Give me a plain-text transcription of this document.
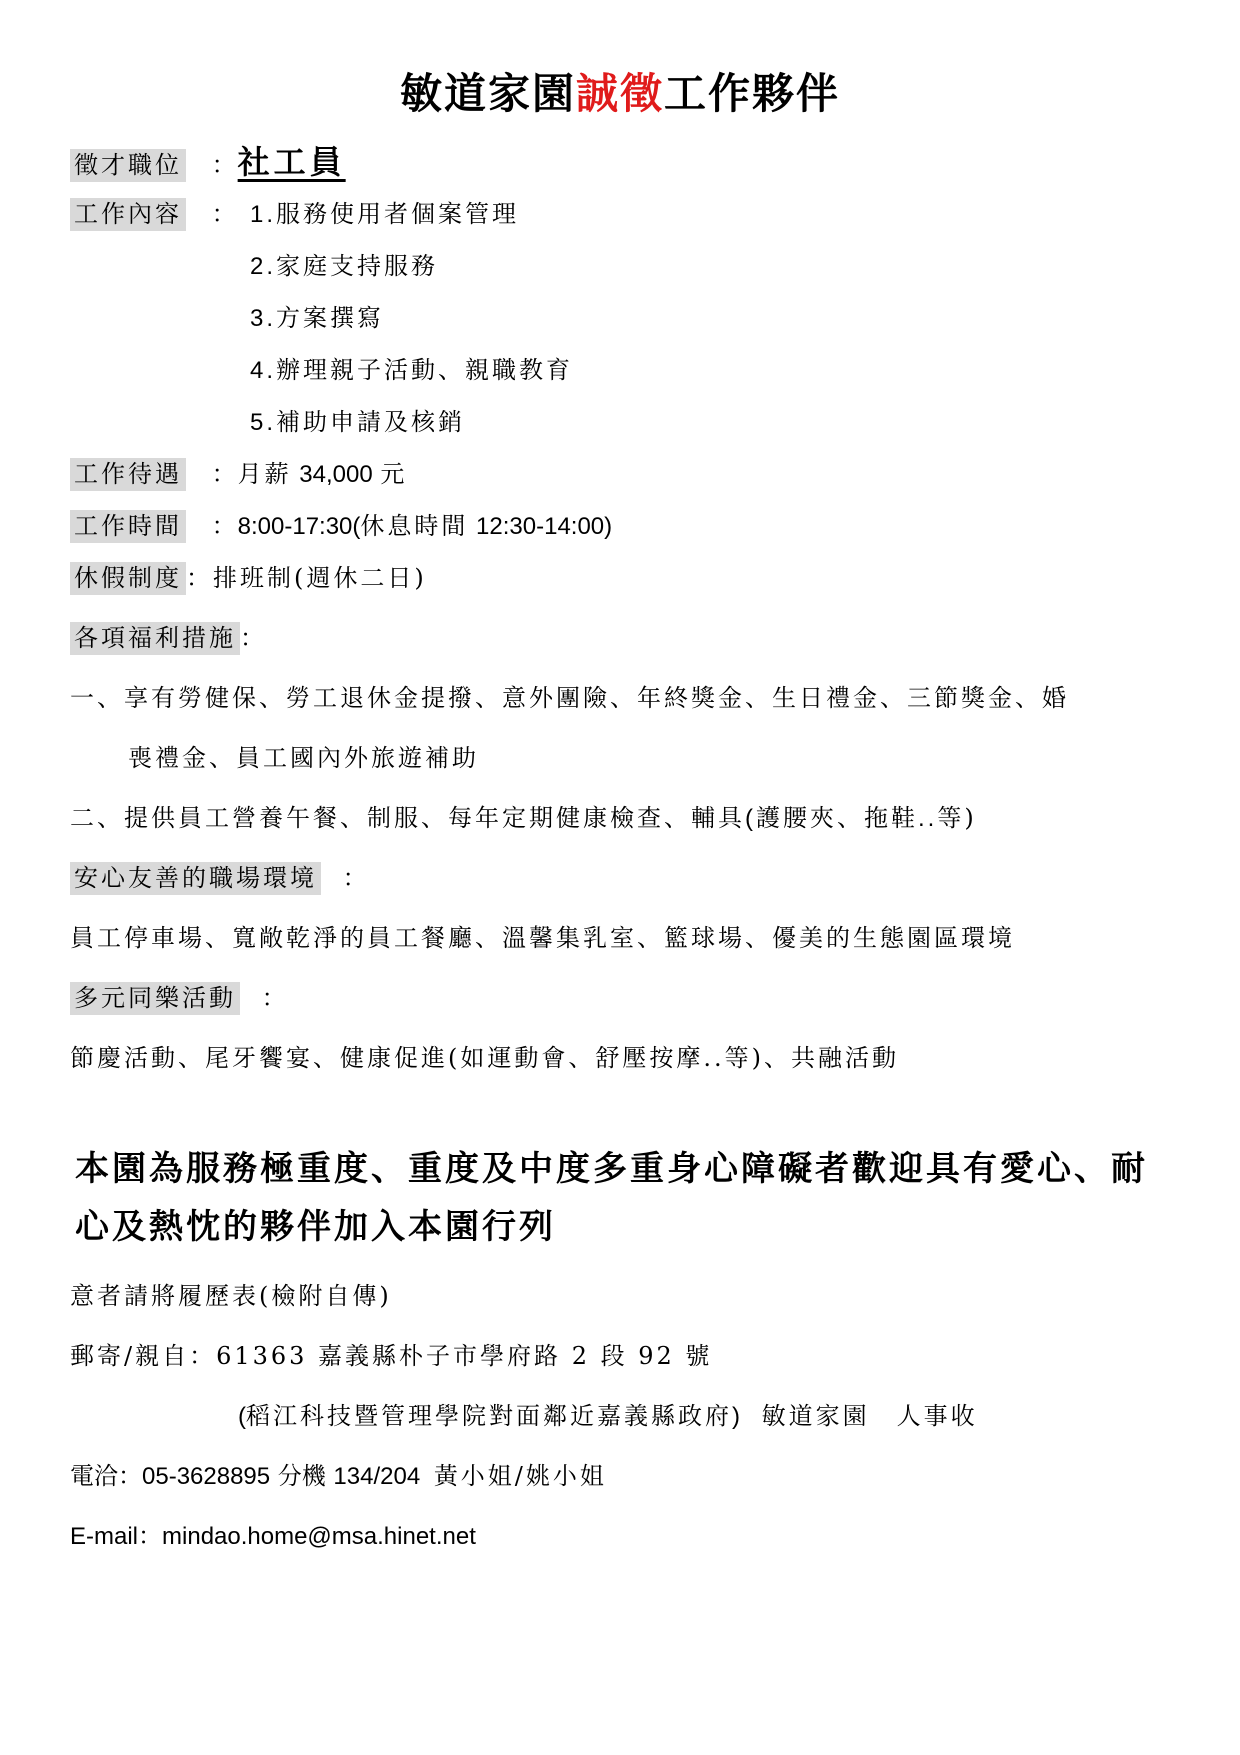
敏道家園誠徵工作夥伴
徵才職位 ：社工員
工作內容 ： 1.服務使用者個案管理
2.家庭支持服務
3.方案撰寫
4.辦理親子活動、親職教育
5.補助申請及核銷
工作待遇 ：月薪 34,000 元
工作時間 ：8:00-17:30(休息時間 12:30-14:00)
休假制度 ：排班制(週休二日)
各項福利措施 ：
一、享有勞健保、勞工退休金提撥、意外團險、年終獎金、生日禮金、三節獎金、婚
喪禮金、員工國內外旅遊補助
二、提供員工營養午餐、制服、每年定期健康檢查、輔具(護腰夾、拖鞋..等)
安心友善的職場環境 ：
員工停車場、寬敞乾淨的員工餐廳、溫馨集乳室、籃球場、優美的生態園區環境
多元同樂活動 ：
節慶活動、尾牙饗宴、健康促進(如運動會、舒壓按摩..等)、共融活動
本園為服務極重度、重度及中度多重身心障礙者歡迎具有愛心、耐心及熱忱的夥伴加入本園行列
意者請將履歷表(檢附自傳)
郵寄/親自：61363 嘉義縣朴子市學府路 2 段 92 號
(稻江科技暨管理學院對面鄰近嘉義縣政府) 敏道家園　人事收
電洽：05-3628895 分機 134/204 黃小姐/姚小姐
E-mail：mindao.home@msa.hinet.net
